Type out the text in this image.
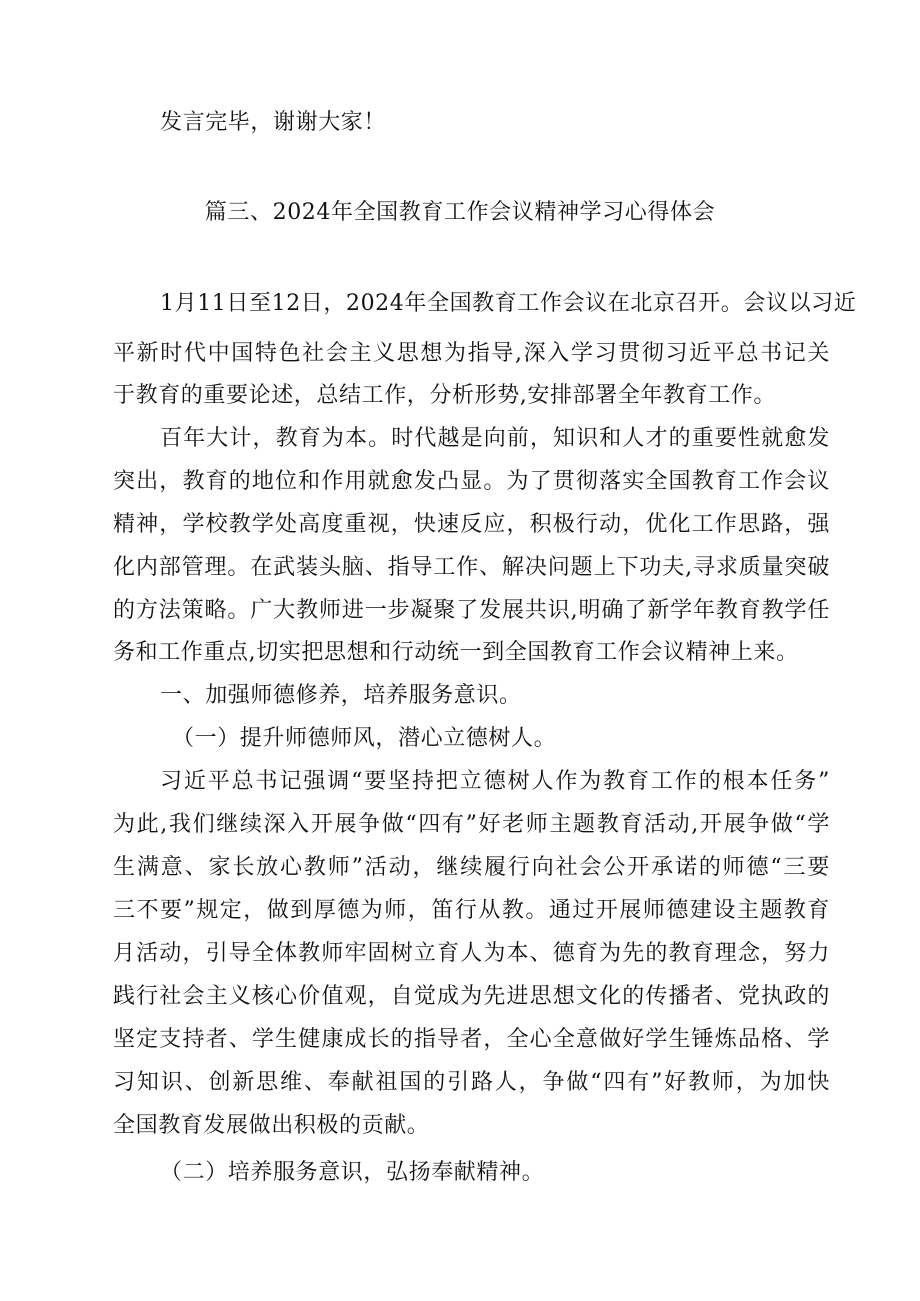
发言完毕，谢谢大家！
篇三、2024年全国教育工作会议精神学习心得体会
1月11日至12日，2024年全国教育工作会议在北京召开。会议以习近
平新时代中国特色社会主义思想为指导,深入学习贯彻习近平总书记关
于教育的重要论述，总结工作，分析形势,安排部署全年教育工作。
百年大计，教育为本。时代越是向前，知识和人才的重要性就愈发
突出，教育的地位和作用就愈发凸显。为了贯彻落实全国教育工作会议
精神，学校教学处高度重视，快速反应，积极行动，优化工作思路，强
化内部管理。在武装头脑、指导工作、解决问题上下功夫,寻求质量突破
的方法策略。广大教师进一步凝聚了发展共识,明确了新学年教育教学任
务和工作重点,切实把思想和行动统一到全国教育工作会议精神上来。
一、加强师德修养，培养服务意识。
（一）提升师德师风，潜心立德树人。
习近平总书记强调“要坚持把立德树人作为教育工作的根本任务”
为此,我们继续深入开展争做“四有”好老师主题教育活动,开展争做“学
生满意、家长放心教师”活动，继续履行向社会公开承诺的师德“三要
三不要”规定，做到厚德为师，笛行从教。通过开展师德建设主题教育
月活动，引导全体教师牢固树立育人为本、德育为先的教育理念，努力
践行社会主义核心价值观，自觉成为先进思想文化的传播者、党执政的
坚定支持者、学生健康成长的指导者，全心全意做好学生锤炼品格、学
习知识、创新思维、奉献祖国的引路人，争做“四有”好教师，为加快
全国教育发展做出积极的贡献。
（二）培养服务意识，弘扬奉献精神。
